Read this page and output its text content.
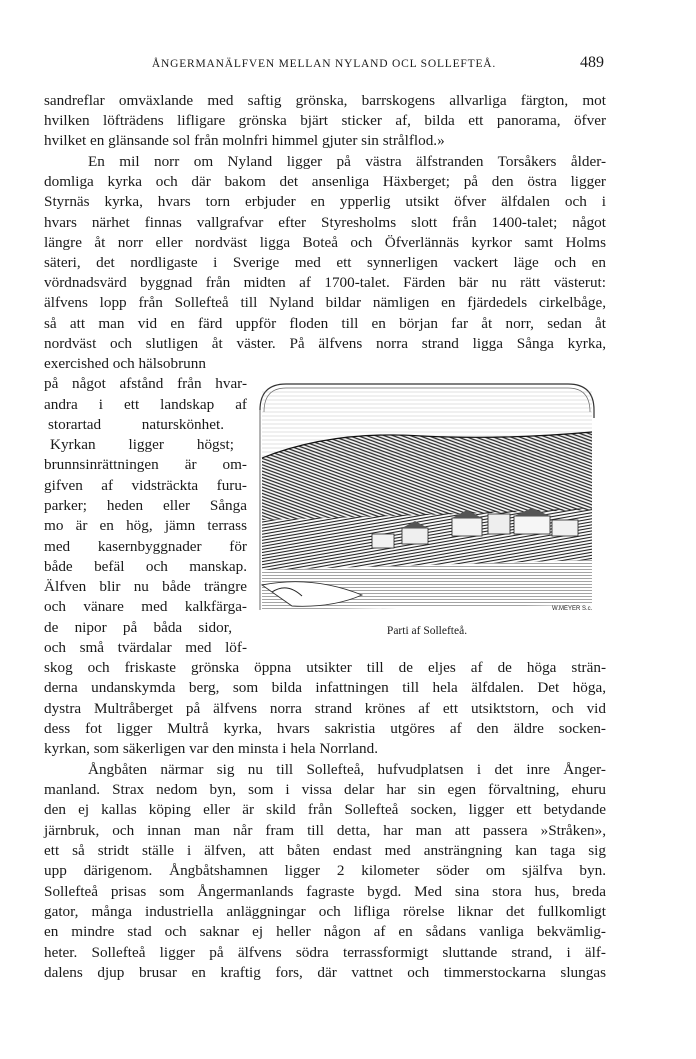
ÅNGERMANÄLFVEN MELLAN NYLAND OCL SOLLEFTEÅ.	489
sandreflar omväxlande med saftig grönska, barrskogens allvarliga färgton, mot
hvilken löfträdens lifligare grönska bjärt sticker af, bilda ett panorama, öfver
hvilket en glänsande sol från molnfri himmel gjuter sin strålflod.»
En mil norr om Nyland ligger på västra älfstranden Torsåkers ålder-
domliga kyrka och där bakom det ansenliga Häxberget; på den östra ligger
Styrnäs kyrka, hvars torn erbjuder en ypperlig utsikt öfver älfdalen och i
hvars närhet finnas vallgrafvar efter Styresholms slott från 1400-talet; något
längre åt norr eller nordväst ligga Boteå och Öfverlännäs kyrkor samt Holms
säteri, det nordligaste i Sverige med ett synnerligen vackert läge och en
vördnadsvärd byggnad från midten af 1700-talet. Färden bär nu rätt västerut:
älfvens lopp från Sollefteå till Nyland bildar nämligen en fjärdedels cirkelbåge,
så att man vid en färd uppför floden till en början far åt norr, sedan åt
nordväst och slutligen åt väster. På älfvens norra strand ligga Sånga kyrka,
exercished och hälsobrunn
på något afstånd från hvar-
andra i ett landskap af
storartad naturskönhet.
Kyrkan ligger högst;
brunnsinrättningen är om-
gifven af vidsträckta furu-
parker; heden eller Sånga
mo är en hög, jämn terrass
med kasernbyggnader för
både befäl och manskap.
Älfven blir nu både trängre
och vänare med kalkfärga-
de nipor på båda sidor,
och små tvärdalar med löf-
skog och friskaste grönska öppna utsikter till de eljes af de höga strän-
derna undanskymda berg, som bilda infattningen till hela älfdalen. Det höga,
dystra Multråberget på älfvens norra strand krönes af ett utsiktstorn, och vid
dess fot ligger Multrå kyrka, hvars sakristia utgöres af den äldre socken-
kyrkan, som säkerligen var den minsta i hela Norrland.
Ångbåten närmar sig nu till Sollefteå, hufvudplatsen i det inre Ånger-
manland. Strax nedom byn, som i vissa delar har sin egen förvaltning, ehuru
den ej kallas köping eller är skild från Sollefteå socken, ligger ett betydande
järnbruk, och innan man når fram till detta, har man att passera »Stråken»,
ett så stridt ställe i älfven, att båten endast med ansträngning kan taga sig
upp därigenom. Ångbåtshamnen ligger 2 kilometer söder om själfva byn.
Sollefteå prisas som Ångermanlands fagraste bygd. Med sina stora hus, breda
gator, många industriella anläggningar och lifliga rörelse liknar det fullkomligt
en mindre stad och saknar ej heller någon af en sådans vanliga bekvämlig-
heter. Sollefteå ligger på älfvens södra terrassformigt sluttande strand, i älf-
dalens djup brusar en kraftig fors, där vattnet och timmerstockarna slungas
W.MEYER S.c.
Parti af Sollefteå.
